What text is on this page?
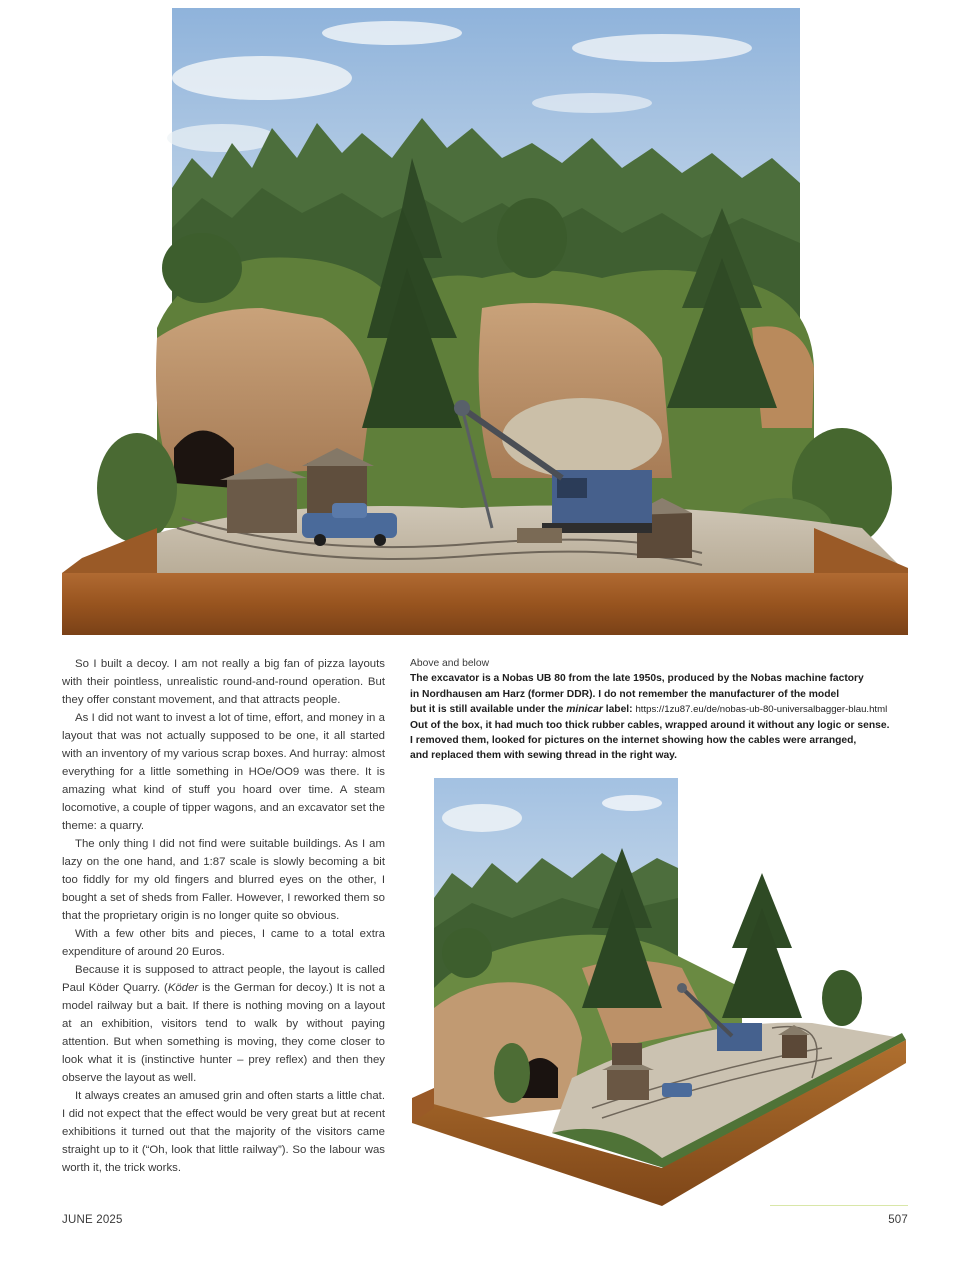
So I built a decoy. I am not really a big fan of pizza layouts with their pointless, unrealistic round-and-round operation. But they offer constant movement, and that attracts people.

As I did not want to invest a lot of time, effort, and money in a layout that was not actually supposed to be one, it all started with an inventory of my various scrap boxes. And hurray: almost everything for a little something in HOe/OO9 was there. It is amazing what kind of stuff you hoard over time. A steam locomotive, a couple of tipper wagons, and an excavator set the theme: a quarry.

The only thing I did not find were suitable buildings. As I am lazy on the one hand, and 1:87 scale is slowly becoming a bit too fiddly for my old fingers and blurred eyes on the other, I bought a set of sheds from Faller. However, I reworked them so that the proprietary origin is no longer quite so obvious.

With a few other bits and pieces, I came to a total extra expenditure of around 20 Euros.

Because it is supposed to attract people, the layout is called Paul Köder Quarry. (Köder is the German for decoy.) It is not a model railway but a bait. If there is nothing moving on a layout at an exhibition, visitors tend to walk by without paying attention. But when something is moving, they come closer to look what it is (instinctive hunter – prey reflex) and then they observe the layout as well.

It always creates an amused grin and often starts a little chat. I did not expect that the effect would be very great but at recent exhibitions it turned out that the majority of the visitors came straight up to it (“Oh, look that little railway”). So the labour was worth it, the trick works.

Above and below
The excavator is a Nobas UB 80 from the late 1950s, produced by the Nobas machine factory
in Nordhausen am Harz (former DDR). I do not remember the manufacturer of the model
but it is still available under the minicar label: https://1zu87.eu/de/nobas-ub-80-universalbagger-blau.html
Out of the box, it had much too thick rubber cables, wrapped around it without any logic or sense.
I removed them, looked for pictures on the internet showing how the cables were arranged,
and replaced them with sewing thread in the right way.
JUNE 2025	507
